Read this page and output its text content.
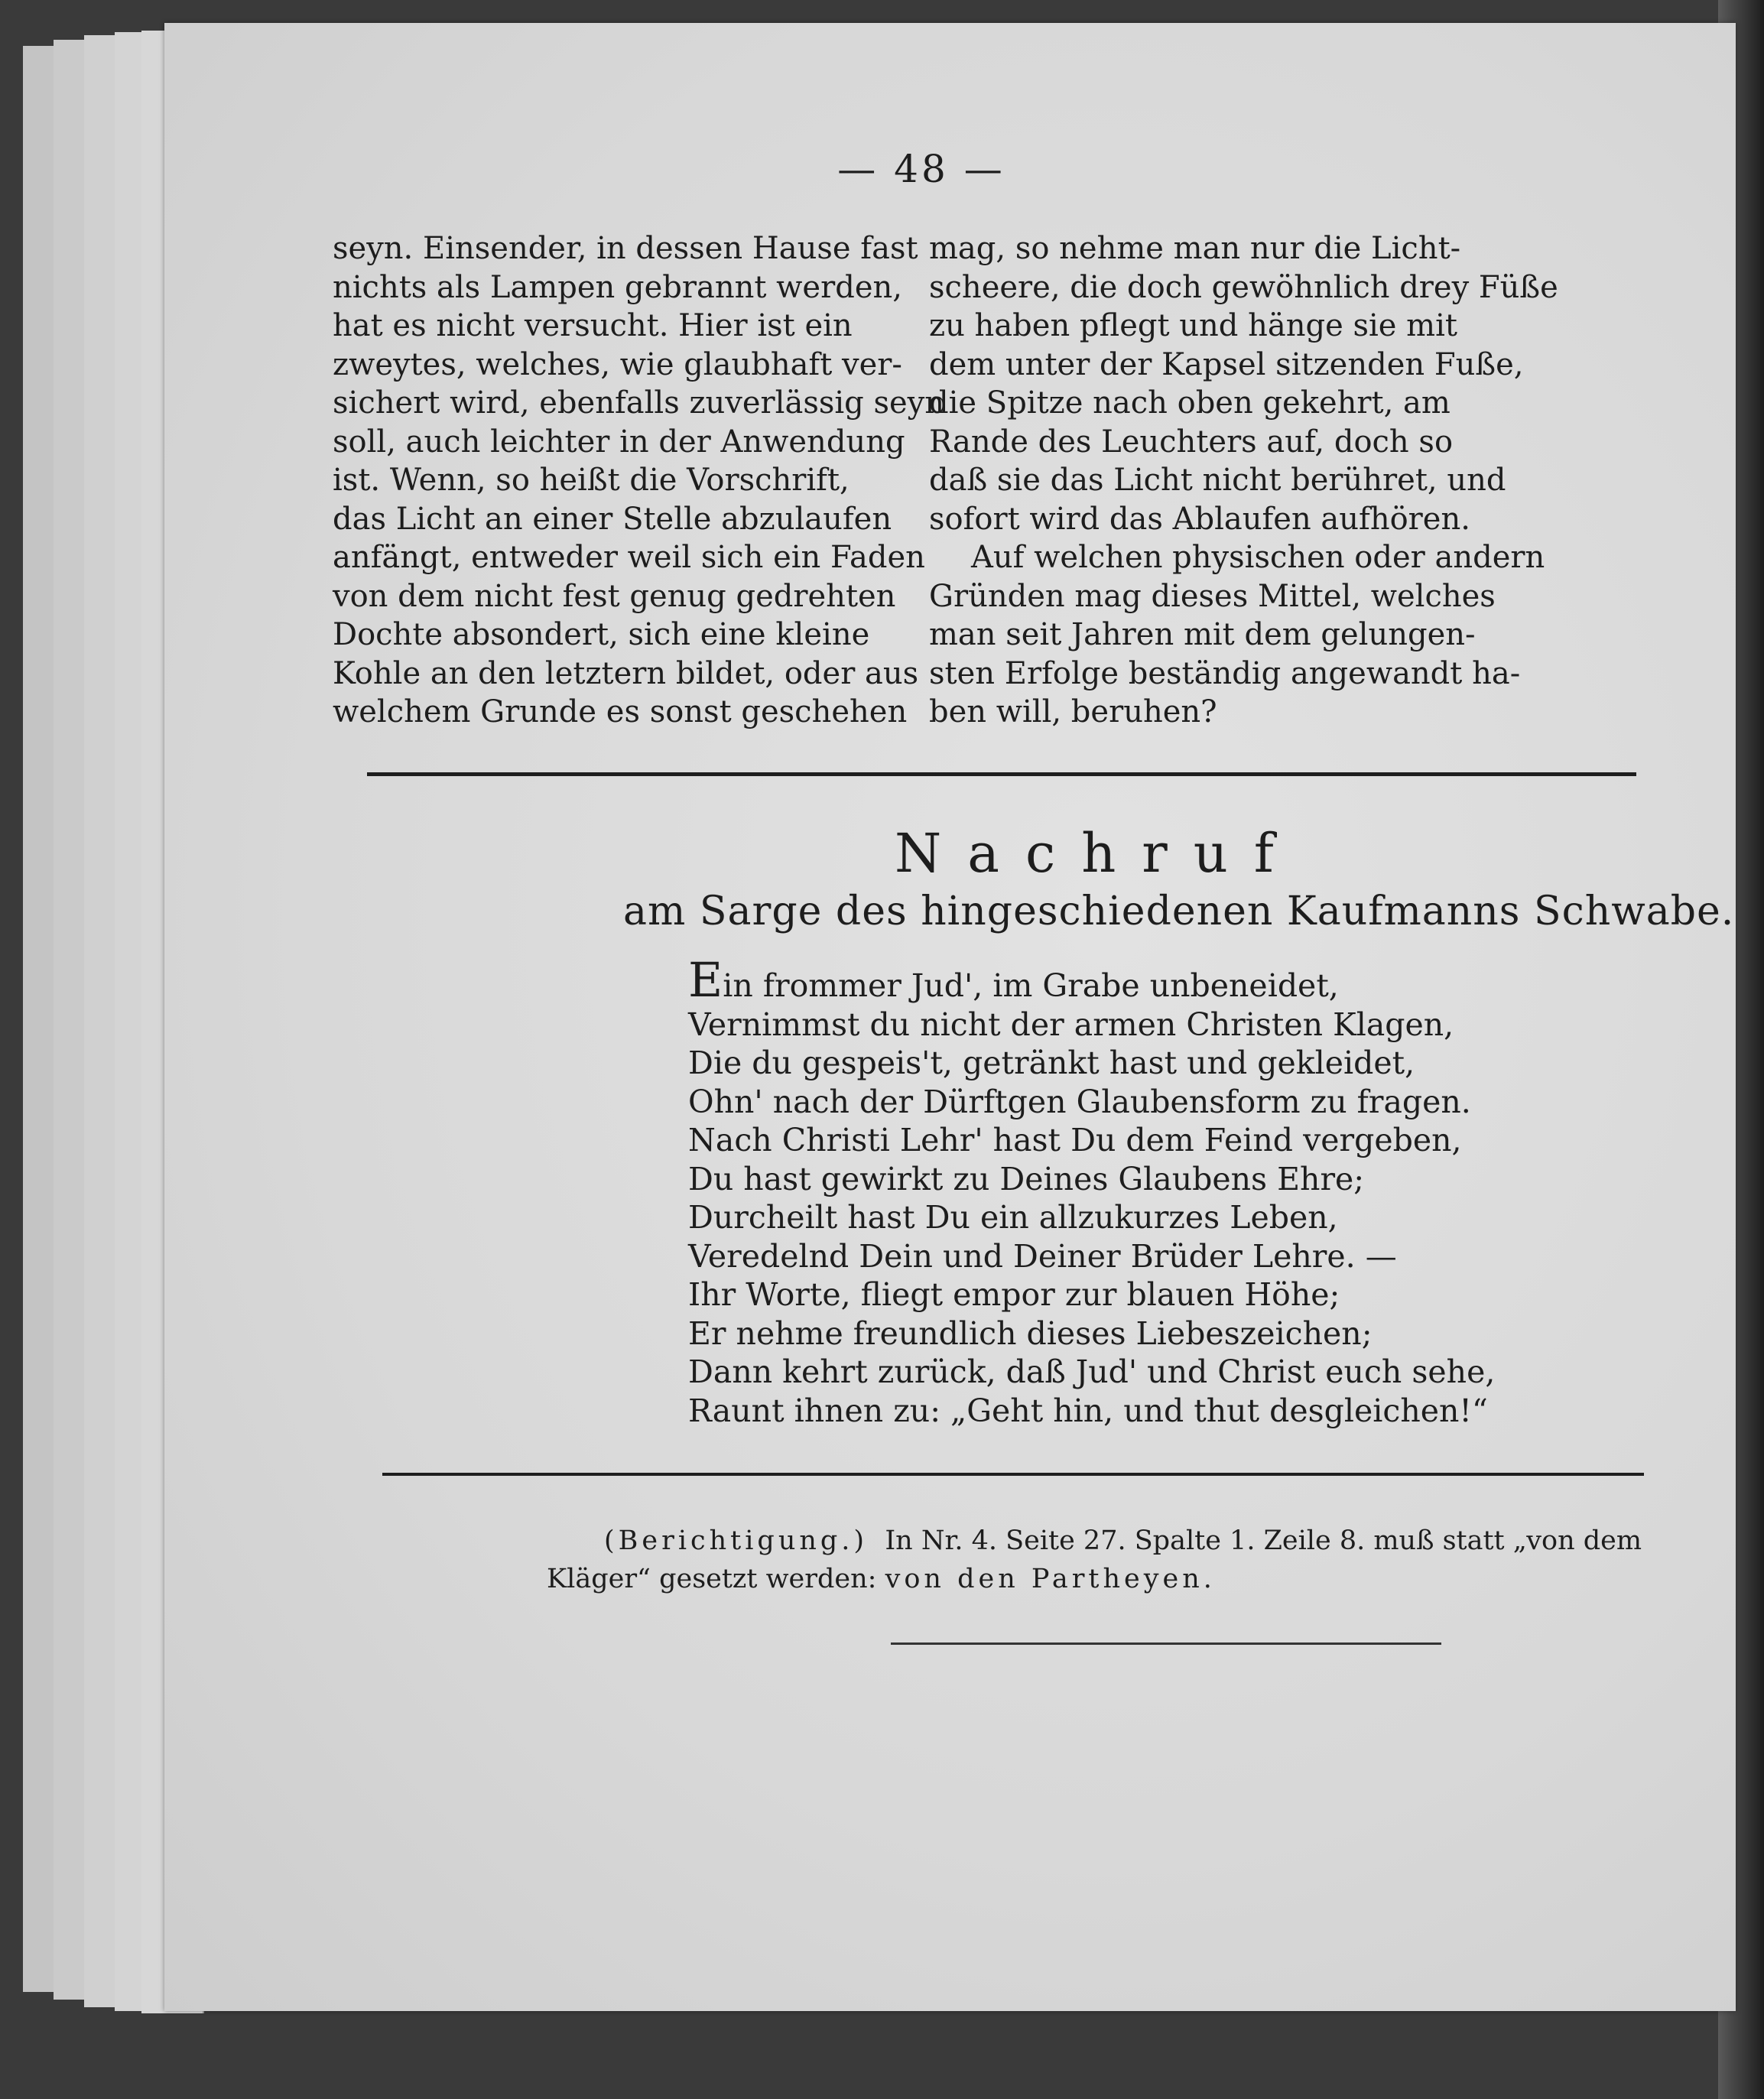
— 48 —
seyn. Einsender, in dessen Hause fast
nichts als Lampen gebrannt werden,
hat es nicht versucht. Hier ist ein
zweytes, welches, wie glaubhaft ver-
sichert wird, ebenfalls zuverlässig seyn
soll, auch leichter in der Anwendung
ist. Wenn, so heißt die Vorschrift,
das Licht an einer Stelle abzulaufen
anfängt, entweder weil sich ein Faden
von dem nicht fest genug gedrehten
Dochte absondert, sich eine kleine
Kohle an den letztern bildet, oder aus
welchem Grunde es sonst geschehen
mag, so nehme man nur die Licht-
scheere, die doch gewöhnlich drey Füße
zu haben pflegt und hänge sie mit
dem unter der Kapsel sitzenden Fuße,
die Spitze nach oben gekehrt, am
Rande des Leuchters auf, doch so
daß sie das Licht nicht berühret, und
sofort wird das Ablaufen aufhören.
Auf welchen physischen oder andern
Gründen mag dieses Mittel, welches
man seit Jahren mit dem gelungen-
sten Erfolge beständig angewandt ha-
ben will, beruhen?
Nachruf
am Sarge des hingeschiedenen Kaufmanns Schwabe.
Ein frommer Jud', im Grabe unbeneidet,
Vernimmst du nicht der armen Christen Klagen,
Die du gespeis't, getränkt hast und gekleidet,
Ohn' nach der Dürftgen Glaubensform zu fragen.
Nach Christi Lehr' hast Du dem Feind vergeben,
Du hast gewirkt zu Deines Glaubens Ehre;
Durcheilt hast Du ein allzukurzes Leben,
Veredelnd Dein und Deiner Brüder Lehre. —
Ihr Worte, fliegt empor zur blauen Höhe;
Er nehme freundlich dieses Liebeszeichen;
Dann kehrt zurück, daß Jud' und Christ euch sehe,
Raunt ihnen zu: „Geht hin, und thut desgleichen!“
(Berichtigung.) In Nr. 4. Seite 27. Spalte 1. Zeile 8. muß statt „von dem
Kläger“ gesetzt werden: von den Partheyen.
